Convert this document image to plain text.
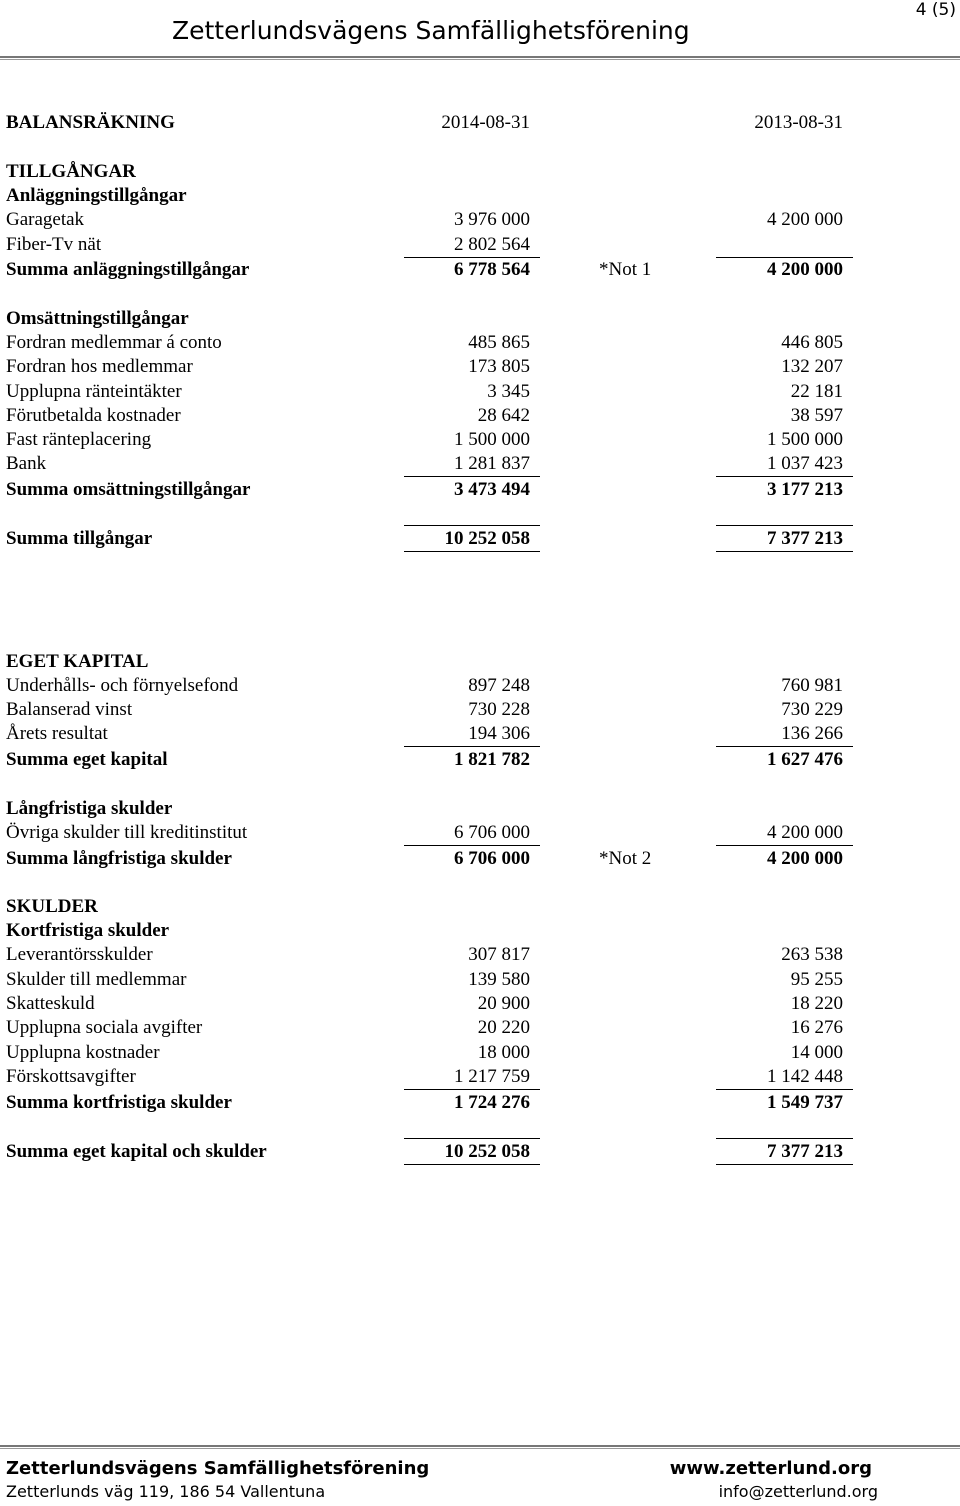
Zetterlundsvägens Samfällighetsförening
4 (5)
BALANSRÄKNING	2014-08-31	2013-08-31
TILLGÅNGAR
Anläggningstillgångar
Garagetak	3 976 000	4 200 000
Fiber-Tv nät	2 802 564
Summa anläggningstillgångar	6 778 564	*Not 1	4 200 000
Omsättningstillgångar
Fordran medlemmar á conto	485 865	446 805
Fordran hos medlemmar	173 805	132 207
Upplupna ränteintäkter	3 345	22 181
Förutbetalda kostnader	28 642	38 597
Fast ränteplacering	1 500 000	1 500 000
Bank	1 281 837	1 037 423
Summa omsättningstillgångar	3 473 494	3 177 213
Summa tillgångar	10 252 058	7 377 213
EGET KAPITAL
Underhålls- och förnyelsefond	897 248	760 981
Balanserad vinst	730 228	730 229
Årets resultat	194 306	136 266
Summa eget kapital	1 821 782	1 627 476
Långfristiga skulder
Övriga skulder till kreditinstitut	6 706 000	4 200 000
Summa långfristiga skulder	6 706 000	*Not 2	4 200 000
SKULDER
Kortfristiga skulder
Leverantörsskulder	307 817	263 538
Skulder till medlemmar	139 580	95 255
Skatteskuld	20 900	18 220
Upplupna sociala avgifter	20 220	16 276
Upplupna kostnader	18 000	14 000
Förskottsavgifter	1 217 759	1 142 448
Summa kortfristiga skulder	1 724 276	1 549 737
Summa eget kapital och skulder	10 252 058	7 377 213
Zetterlundsvägens Samfällighetsförening	www.zetterlund.org
Zetterlunds väg 119, 186 54 Vallentuna	info@zetterlund.org
